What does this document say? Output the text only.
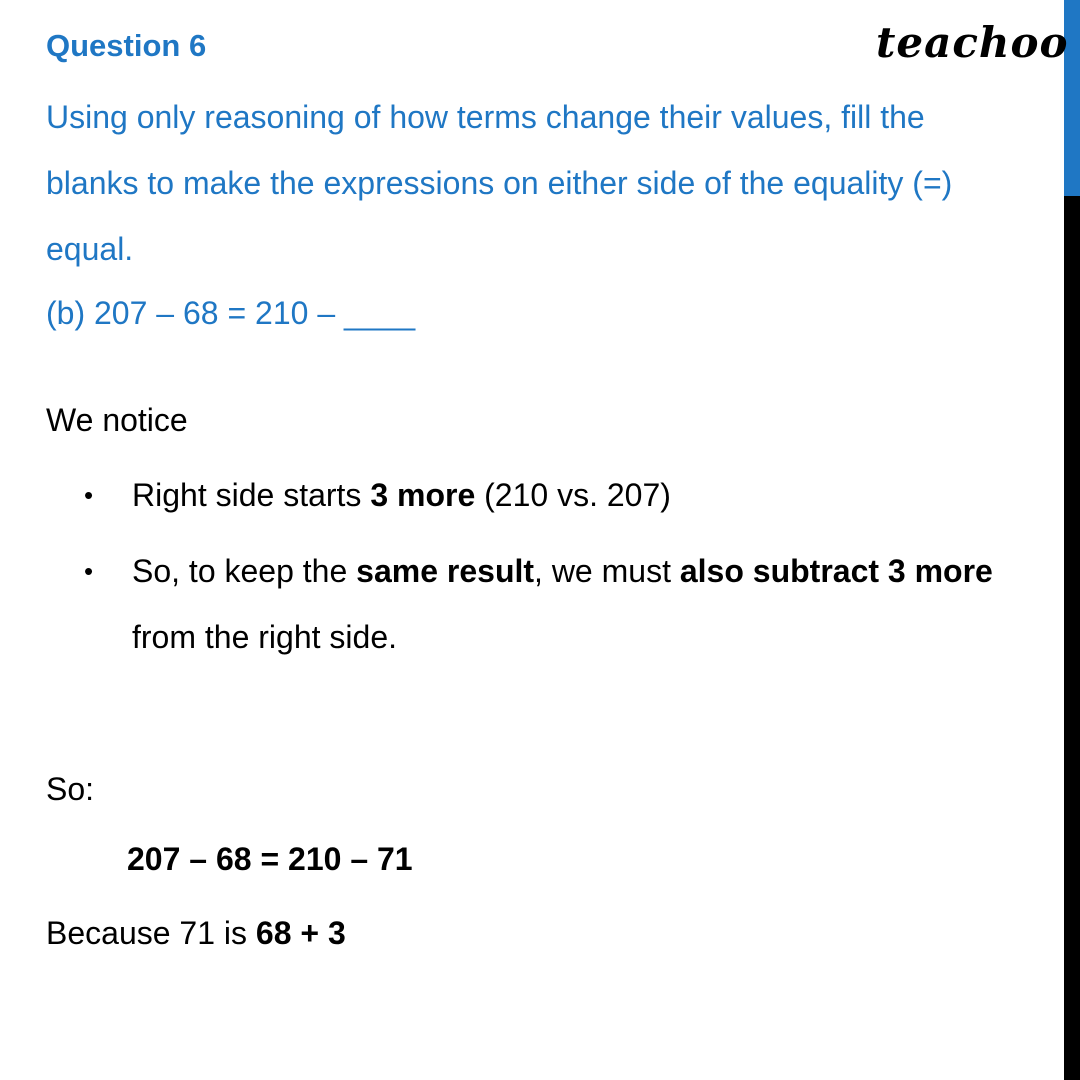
teachoo
Question 6

Using only reasoning of how terms change their values, fill the blanks to make the expressions on either side of the equality (=) equal.

(b) 207 – 68 = 210 – ____
We notice
• Right side starts 3 more (210 vs. 207)
• So, to keep the same result, we must also subtract 3 more from the right side.
So:
207 – 68 = 210 – 71
Because 71 is 68 + 3
